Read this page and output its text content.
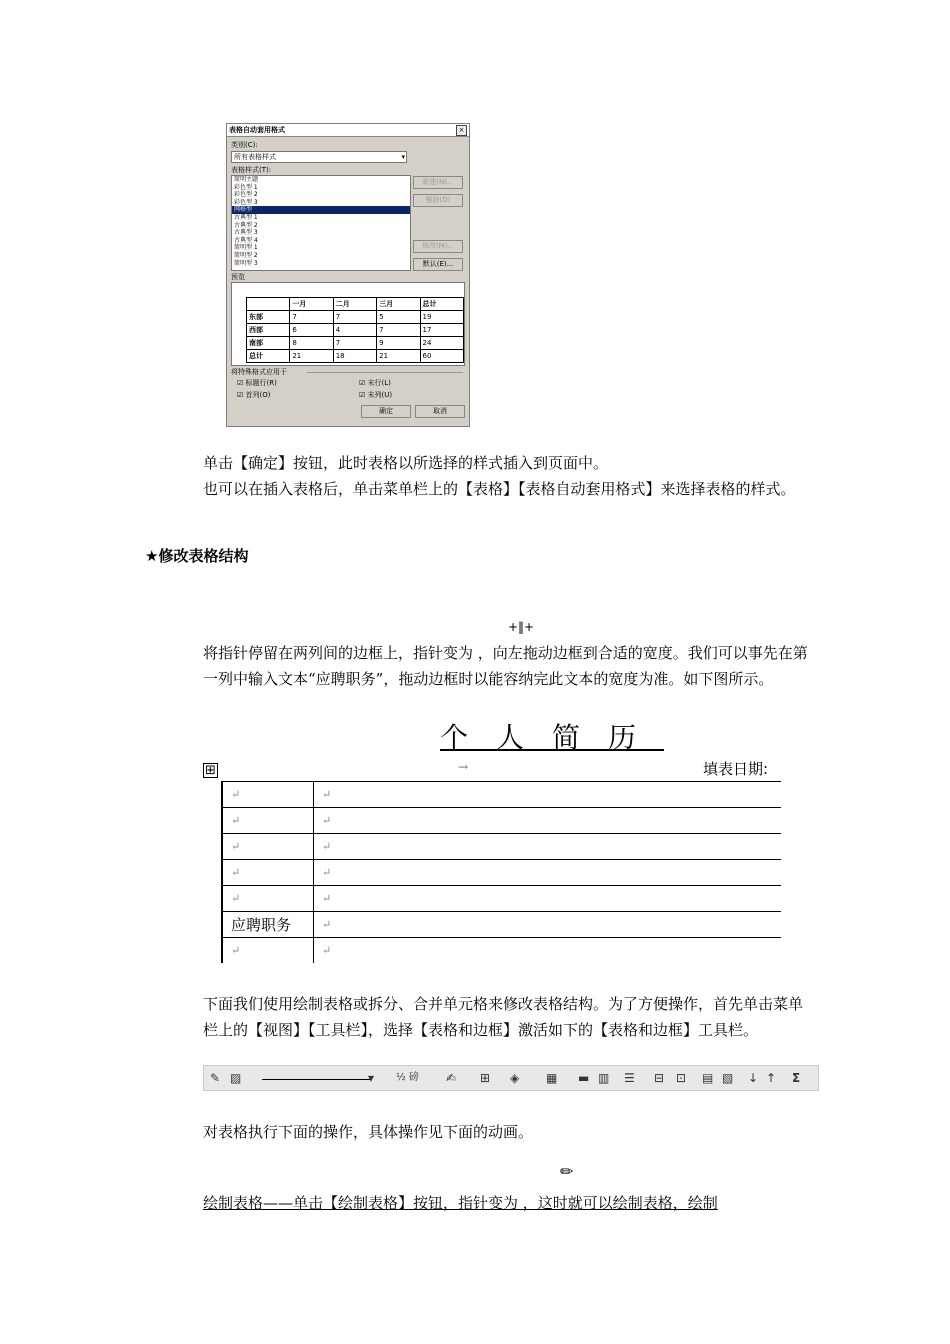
表格自动套用格式	×
类别(C):
所有表格样式	▾
表格样式(T):
简明主题
彩色型 1
彩色型 2
彩色型 3
网格型
古典型 1
古典型 2
古典型 3
古典型 4
简明型 1
简明型 2
简明型 3
新建(N)...
删除(D)
修改(M)...
默认(E)...
预览
	一月	二月	三月	总计
东部	7	7	5	19
西部	6	4	7	17
南部	8	7	9	24
总计	21	18	21	60
将特殊格式应用于
☑ 标题行(R)
☑ 首列(O)
☑ 末行(L)
☑ 末列(U)
确定	取消
单击【确定】按钮，此时表格以所选择的样式插入到页面中。
也可以在插入表格后，单击菜单栏上的【表格】【表格自动套用格式】来选择表格的样式。
★修改表格结构
+‖+
将指针停留在两列间的边框上，指针变为 ，向左拖动边框到合适的宽度。我们可以事先在第一列中输入文本“应聘职务”，拖动边框时以能容纳完此文本的宽度为准。如下图所示。
个人简历
⊞	→	填表日期:
↵	↵
↵	↵
↵	↵
↵	↵
↵	↵
应聘职务	↵
↵	↵
下面我们使用绘制表格或拆分、合并单元格来修改表格结构。为了方便操作，首先单击菜单栏上的【视图】【工具栏】，选择【表格和边框】激活如下的【表格和边框】工具栏。
✎ ▨	▾ ½ 磅 ✍ ⊞ ◈ ▦ ▬ ▥ ☰ ⊟ ⊡ ▤ ▧ ↓ ↑ Σ
对表格执行下面的操作，具体操作见下面的动画。
✏
绘制表格——单击【绘制表格】按钮，指针变为 ，这时就可以绘制表格，绘制
